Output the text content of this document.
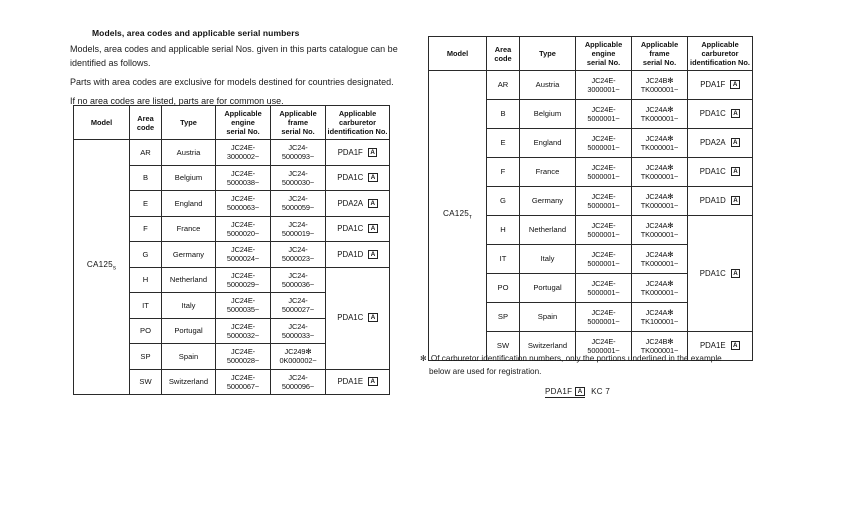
Models, area codes and applicable serial numbers

Models, area codes and applicable serial Nos. given in this parts catalogue can be identified as follows.

Parts with area codes are exclusive for models destined for countries designated.

If no area codes are listed, parts are for common use.

Model	Area
code	Type	Applicable
engine
serial No.	Applicable
frame
serial No.	Applicable
carburetor
identification No.
$CA125_s$	AR	Austria	JC24E-
3000002~	JC24-
5000093~	PDA1F A
	B	Belgium	JC24E-
5000038~	JC24-
5000030~	PDA1C A
	E	England	JC24E-
5000063~	JC24-
5000059~	PDA2A A
	F	France	JC24E-
5000020~	JC24-
5000019~	PDA1C A
	G	Germany	JC24E-
5000024~	JC24-
5000023~	PDA1D A
	H	Netherland	JC24E-
5000029~	JC24-
5000036~	PDA1C A
	IT	Italy	JC24E-
5000035~	JC24-
5000027~	
	PO	Portugal	JC24E-
5000032~	JC24-
5000033~	
	SP	Spain	JC24E-
5000028~	JC249✻
0K000002~	
	SW	Switzerland	JC24E-
5000067~	JC24-
5000096~	PDA1E A
Model	Area
code	Type	Applicable
engine
serial No.	Applicable
frame
serial No.	Applicable
carburetor
identification No.
$CA125_т$	AR	Austria	JC24E-
3000001~	JC24B✻
TK000001~	PDA1F A
	B	Belgium	JC24E-
5000001~	JC24A✻
TK000001~	PDA1C A
	E	England	JC24E-
5000001~	JC24A✻
TK000001~	PDA2A A
	F	France	JC24E-
5000001~	JC24A✻
TK000001~	PDA1C A
	G	Germany	JC24E-
5000001~	JC24A✻
TK000001~	PDA1D A
	H	Netherland	JC24E-
5000001~	JC24A✻
TK000001~	PDA1C A
	IT	Italy	JC24E-
5000001~	JC24A✻
TK000001~	
	PO	Portugal	JC24E-
5000001~	JC24A✻
TK000001~	
	SP	Spain	JC24E-
5000001~	JC24A✻
TK100001~	
	SW	Switzerland	JC24E-
5000001~	JC24B✻
TK000001~	PDA1E A
✻ Of carburetor identification numbers, only the portions underlined in the example
below are used for registration.
PDA1F A KC 7
